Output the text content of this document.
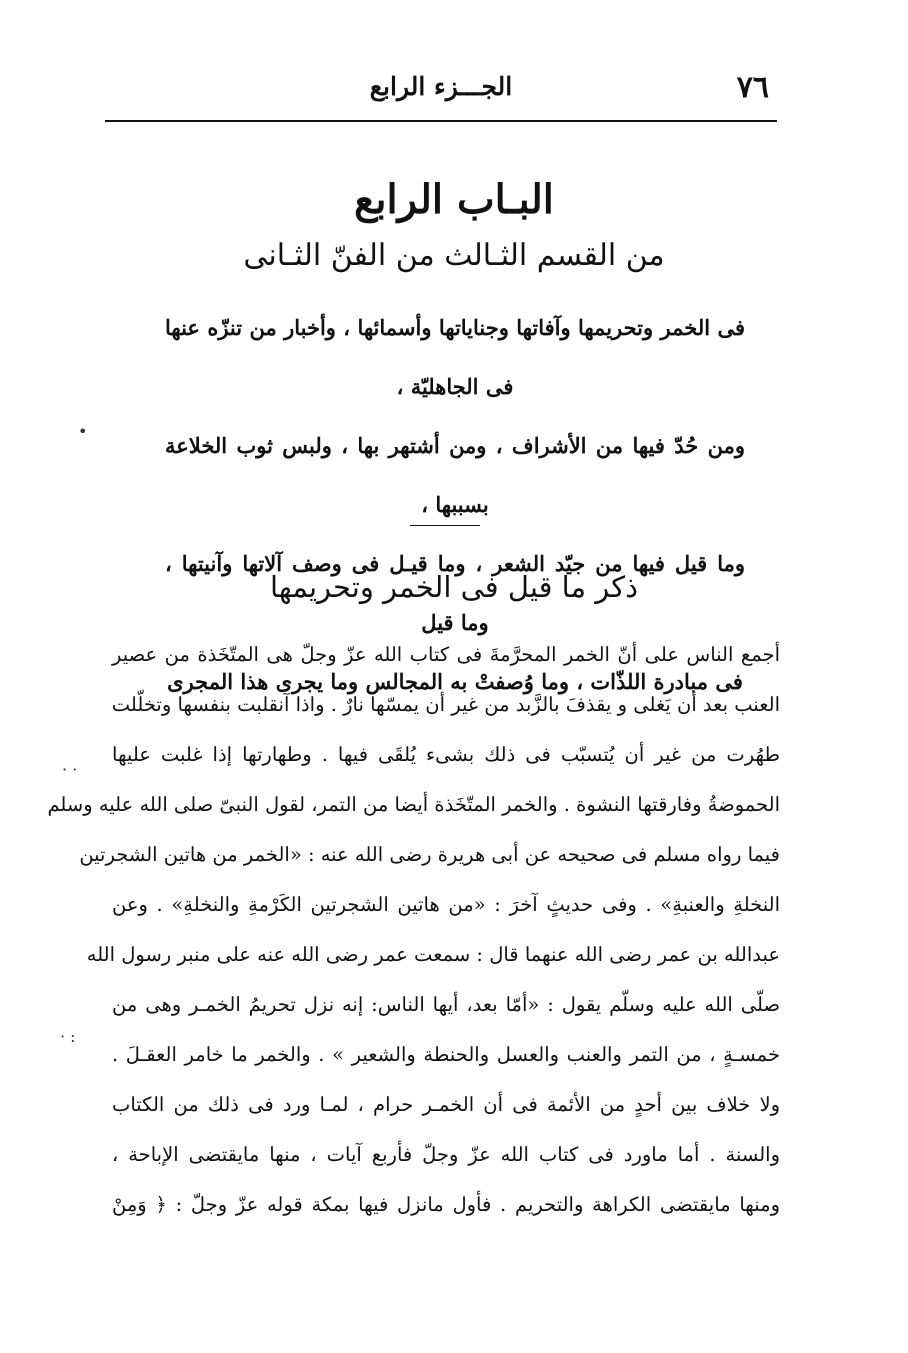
٧٦
الجـــزء الرابع
البـاب الرابع
من القسم الثـالث من الفنّ الثـانى
فى الخمر وتحريمها وآفاتها وجناياتها وأسمائها ، وأخبار من تنزّه عنها فى الجاهليّة ،
ومن حُدّ فيها من الأشراف ، ومن أشتهر بها ، ولبس ثوب الخلاعة بسببها ،
وما قيل فيها من جيّد الشعر ، وما قيـل فى وصف آلاتها وآنيتها ، وما قيل
فى مبادرة اللذّات ، وما وُصفتْ به المجالس وما يجرى هذا المجرى
ذكر ما قيل فى الخمر وتحريمها
أجمع الناس على أنّ الخمر المحرَّمةَ فى كتاب الله عزّ وجلّ هى المتّخَذة من عصير
العنب بعد أن يَغلى و يقذفَ بالزَّبد من غير أن يمسّها نارٌ . واذا آنقلبت بنفسها وتخلّلت
طهُرت من غير أن يُتسبّب فى ذلك بشىء يُلقَى فيها . وطهارتها إذا غلبت عليها
الحموضةُ وفارقتها النشوة . والخمر المتّخَذة أيضا من التمر، لقول النبىّ صلى الله عليه وسلم
فيما رواه مسلم فى صحيحه عن أبى هريرة رضى الله عنه : «الخمر من هاتين الشجرتين
النخلةِ والعنبةِ» . وفى حديثٍ آخرَ : «من هاتين الشجرتين الكَرْمةِ والنخلةِ» . وعن
عبدالله بن عمر رضى الله عنهما قال : سمعت عمر رضى الله عنه على منبر رسول الله
صلّى الله عليه وسلّم يقول : «أمّا بعد، أيها الناس: إنه نزل تحريمُ الخمـر وهى من
خمسـةٍ ، من التمر والعنب والعسل والحنطة والشعير » . والخمر ما خامر العقـلَ .
ولا خلاف بين أحدٍ من الأئمة فى أن الخمـر حرام ، لمـا ورد فى ذلك من الكتاب
والسنة . أما ماورد فى كتاب الله عزّ وجلّ فأربع آيات ، منها مايقتضى الإباحة ،
ومنها مايقتضى الكراهة والتحريم . فأول مانزل فيها بمكة قوله عزّ وجلّ : ﴿ وَمِنْ
•
· ·
: ·
